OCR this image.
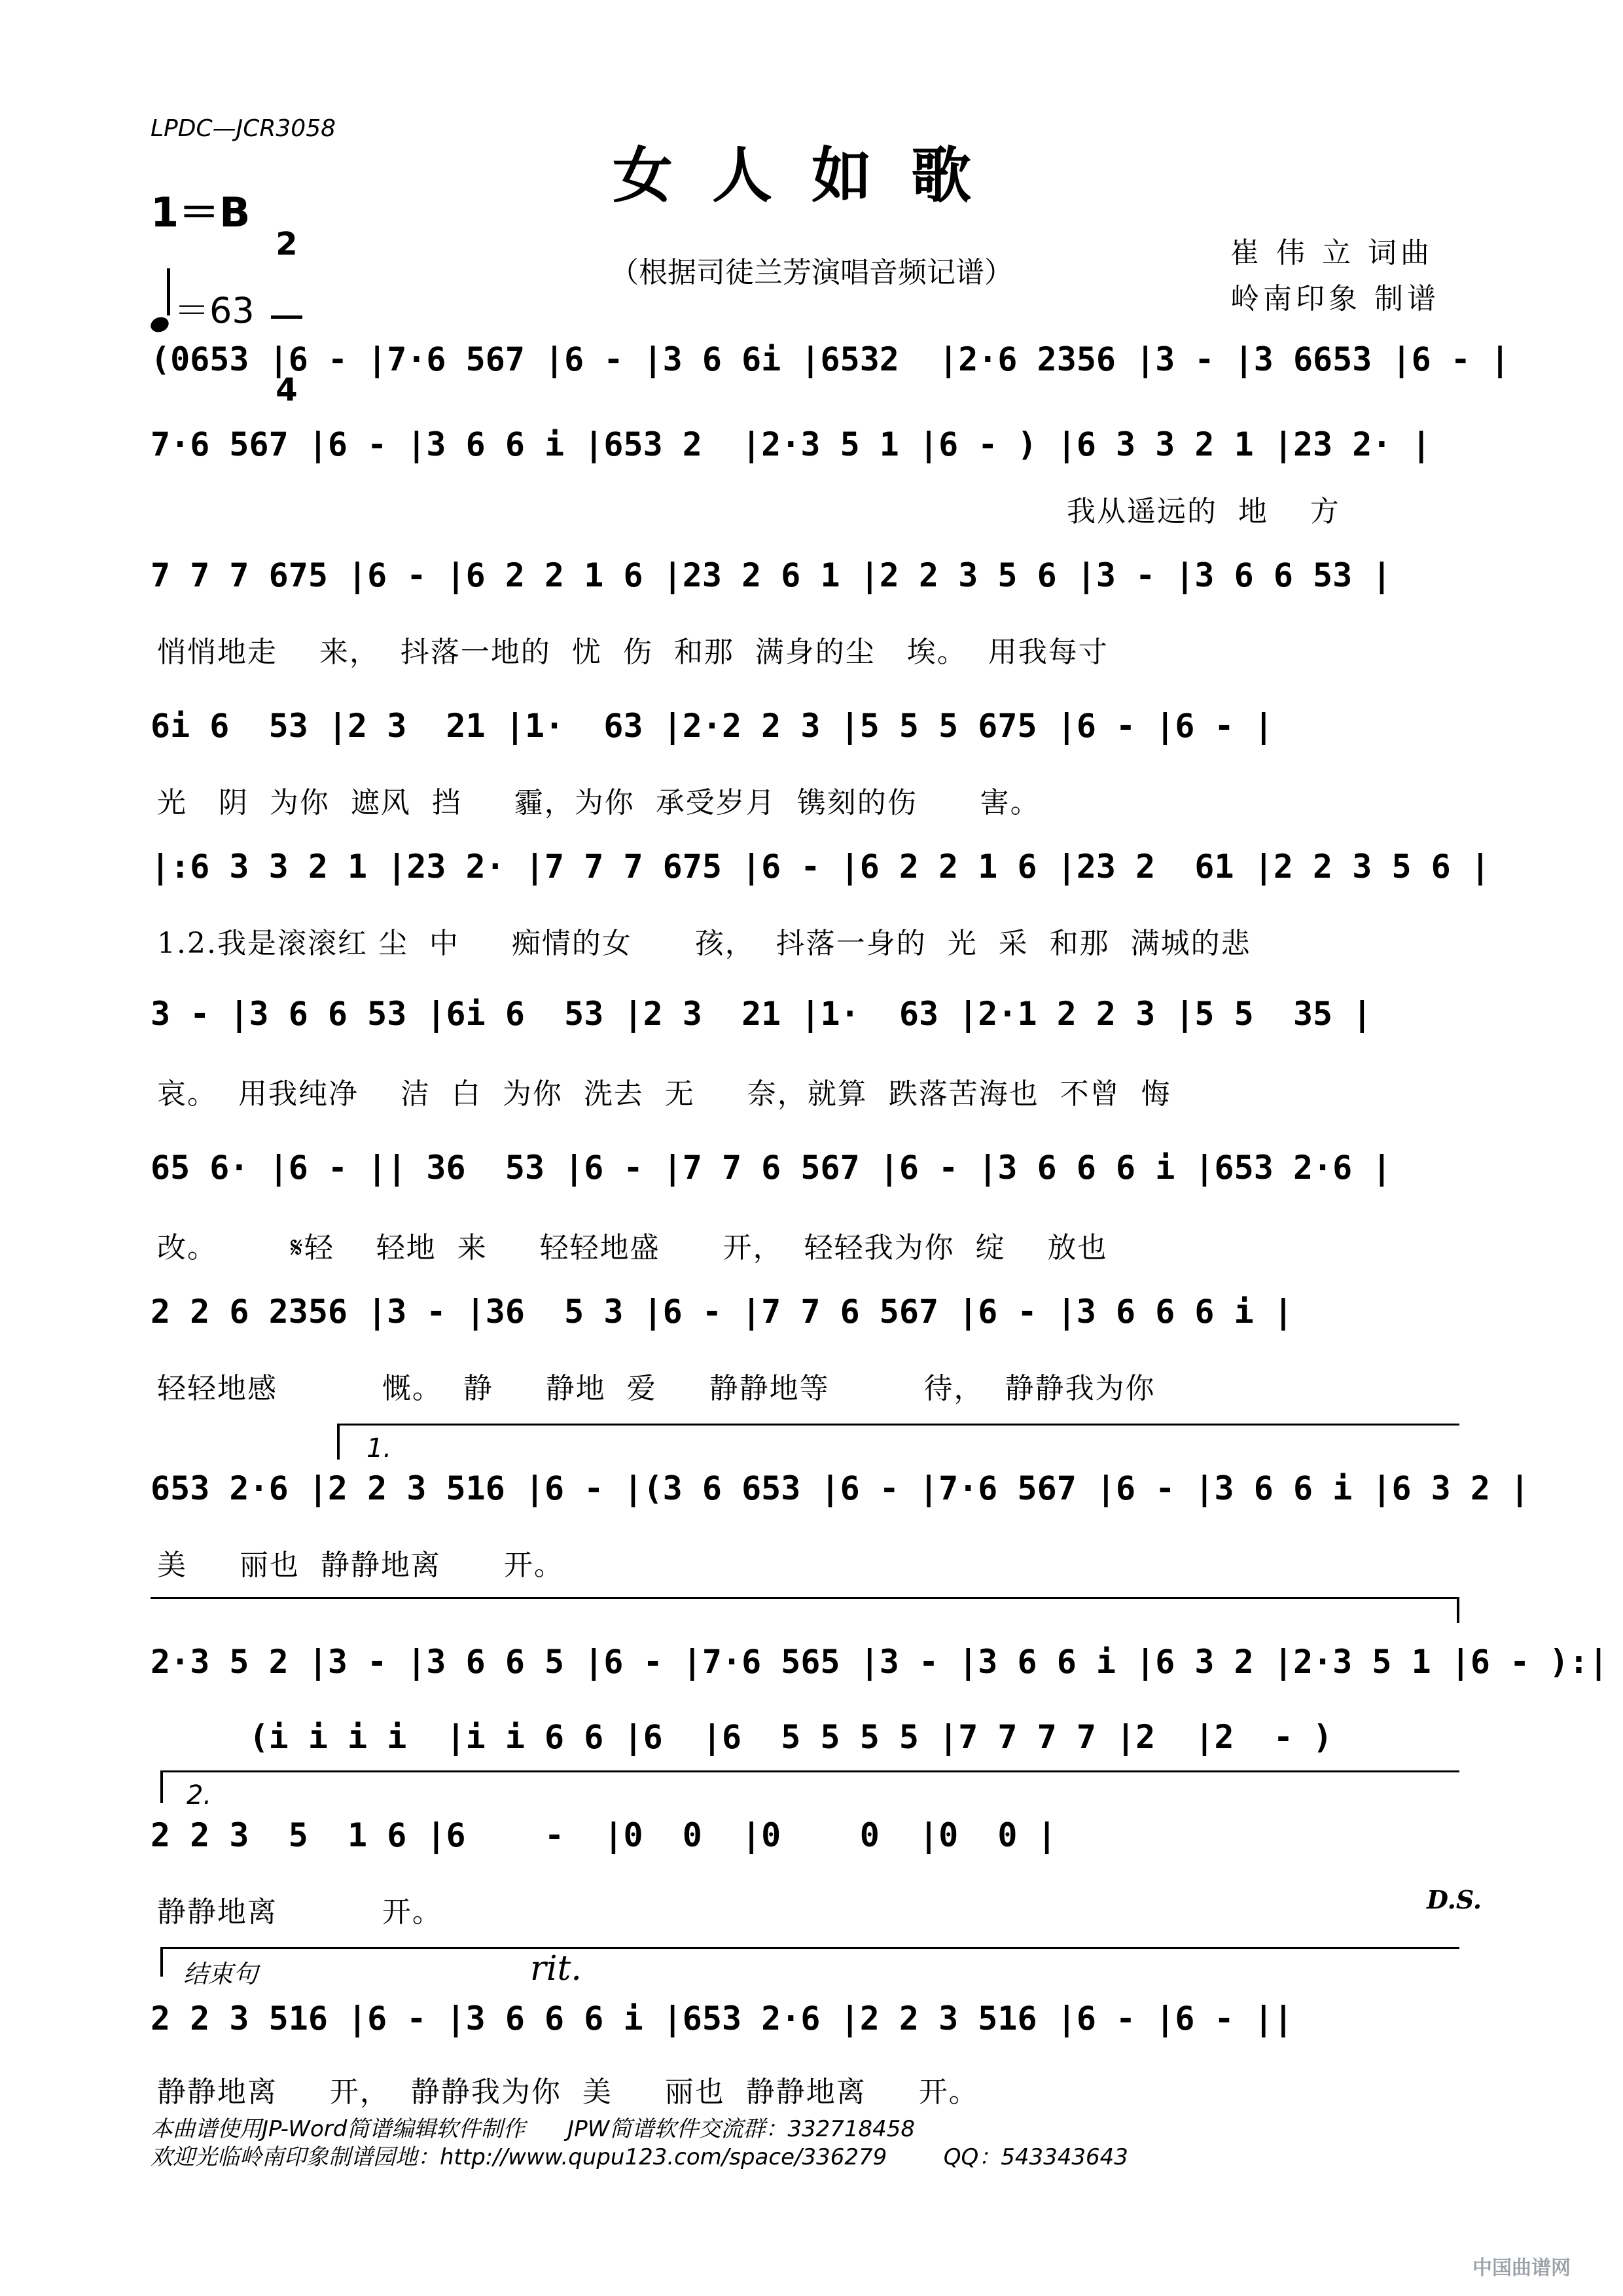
LPDC—JCR3058
女人如歌
1＝B

2

4

＝63
（根据司徒兰芳演唱音频记谱）
崔 伟 立 词曲
岭南印象 制谱
(0653 |6 - |7·6 567 |6 - |3 6 6i |6532  |2·6 2356 |3 - |3 6653 |6 - |
7·6 567 |6 - |3 6 6 i |653 2  |2·3 5 1 |6 - ) |6 3 3 2 1 |23 2· |
我从遥远的  地    方
7 7 7 675 |6 - |6 2 2 1 6 |23 2 6 1 |2 2 3 5 6 |3 - |3 6 6 53 |
悄悄地走    来，  抖落一地的  忧  伤  和那  满身的尘   埃。  用我每寸
6i 6  53 |2 3  21 |1·  63 |2·2 2 3 |5 5 5 675 |6 - |6 - |
光   阴  为你  遮风  挡     霾，为你  承受岁月  镌刻的伤      害。
|:6 3 3 2 1 |23 2· |7 7 7 675 |6 - |6 2 2 1 6 |23 2  61 |2 2 3 5 6 |
1.2.我是滚滚红 尘  中     痴情的女      孩，  抖落一身的  光  采  和那  满城的悲
3 - |3 6 6 53 |6i 6  53 |2 3  21 |1·  63 |2·1 2 2 3 |5 5  35 |
哀。  用我纯净    洁  白  为你  洗去  无     奈，就算  跌落苦海也  不曾  悔
65 6· |6 - || 36  53 |6 - |7 7 6 567 |6 - |3 6 6 6 i |653 2·6 |
改。       𝄋轻    轻地  来     轻轻地盛      开，  轻轻我为你  绽    放也
2 2 6 2356 |3 - |36  5 3 |6 - |7 7 6 567 |6 - |3 6 6 6 i |
轻轻地感          慨。  静     静地  爱     静静地等         待，  静静我为你
1.
653 2·6 |2 2 3 516 |6 - |(3 6 653 |6 - |7·6 567 |6 - |3 6 6 i |6 3 2 |
美     丽也  静静地离      开。
2·3 5 2 |3 - |3 6 6 5 |6 - |7·6 565 |3 - |3 6 6 i |6 3 2 |2·3 5 1 |6 - ):|
(i i i i  |i i 6 6 |6  |6  5 5 5 5 |7 7 7 7 |2  |2  - )
2.
2 2 3  5  1 6 |6    -  |0  0  |0    0  |0  0 |
静静地离          开。	D.S.
结束句	rit.
2 2 3 516 |6 - |3 6 6 6 i |653 2·6 |2 2 3 516 |6 - |6 - ||
静静地离     开，  静静我为你  美     丽也  静静地离     开。
本曲谱使用JP-Word简谱编辑软件制作      JPW简谱软件交流群：332718458
欢迎光临岭南印象制谱园地：http://www.qupu123.com/space/336279        QQ：543343643
中国曲谱网
